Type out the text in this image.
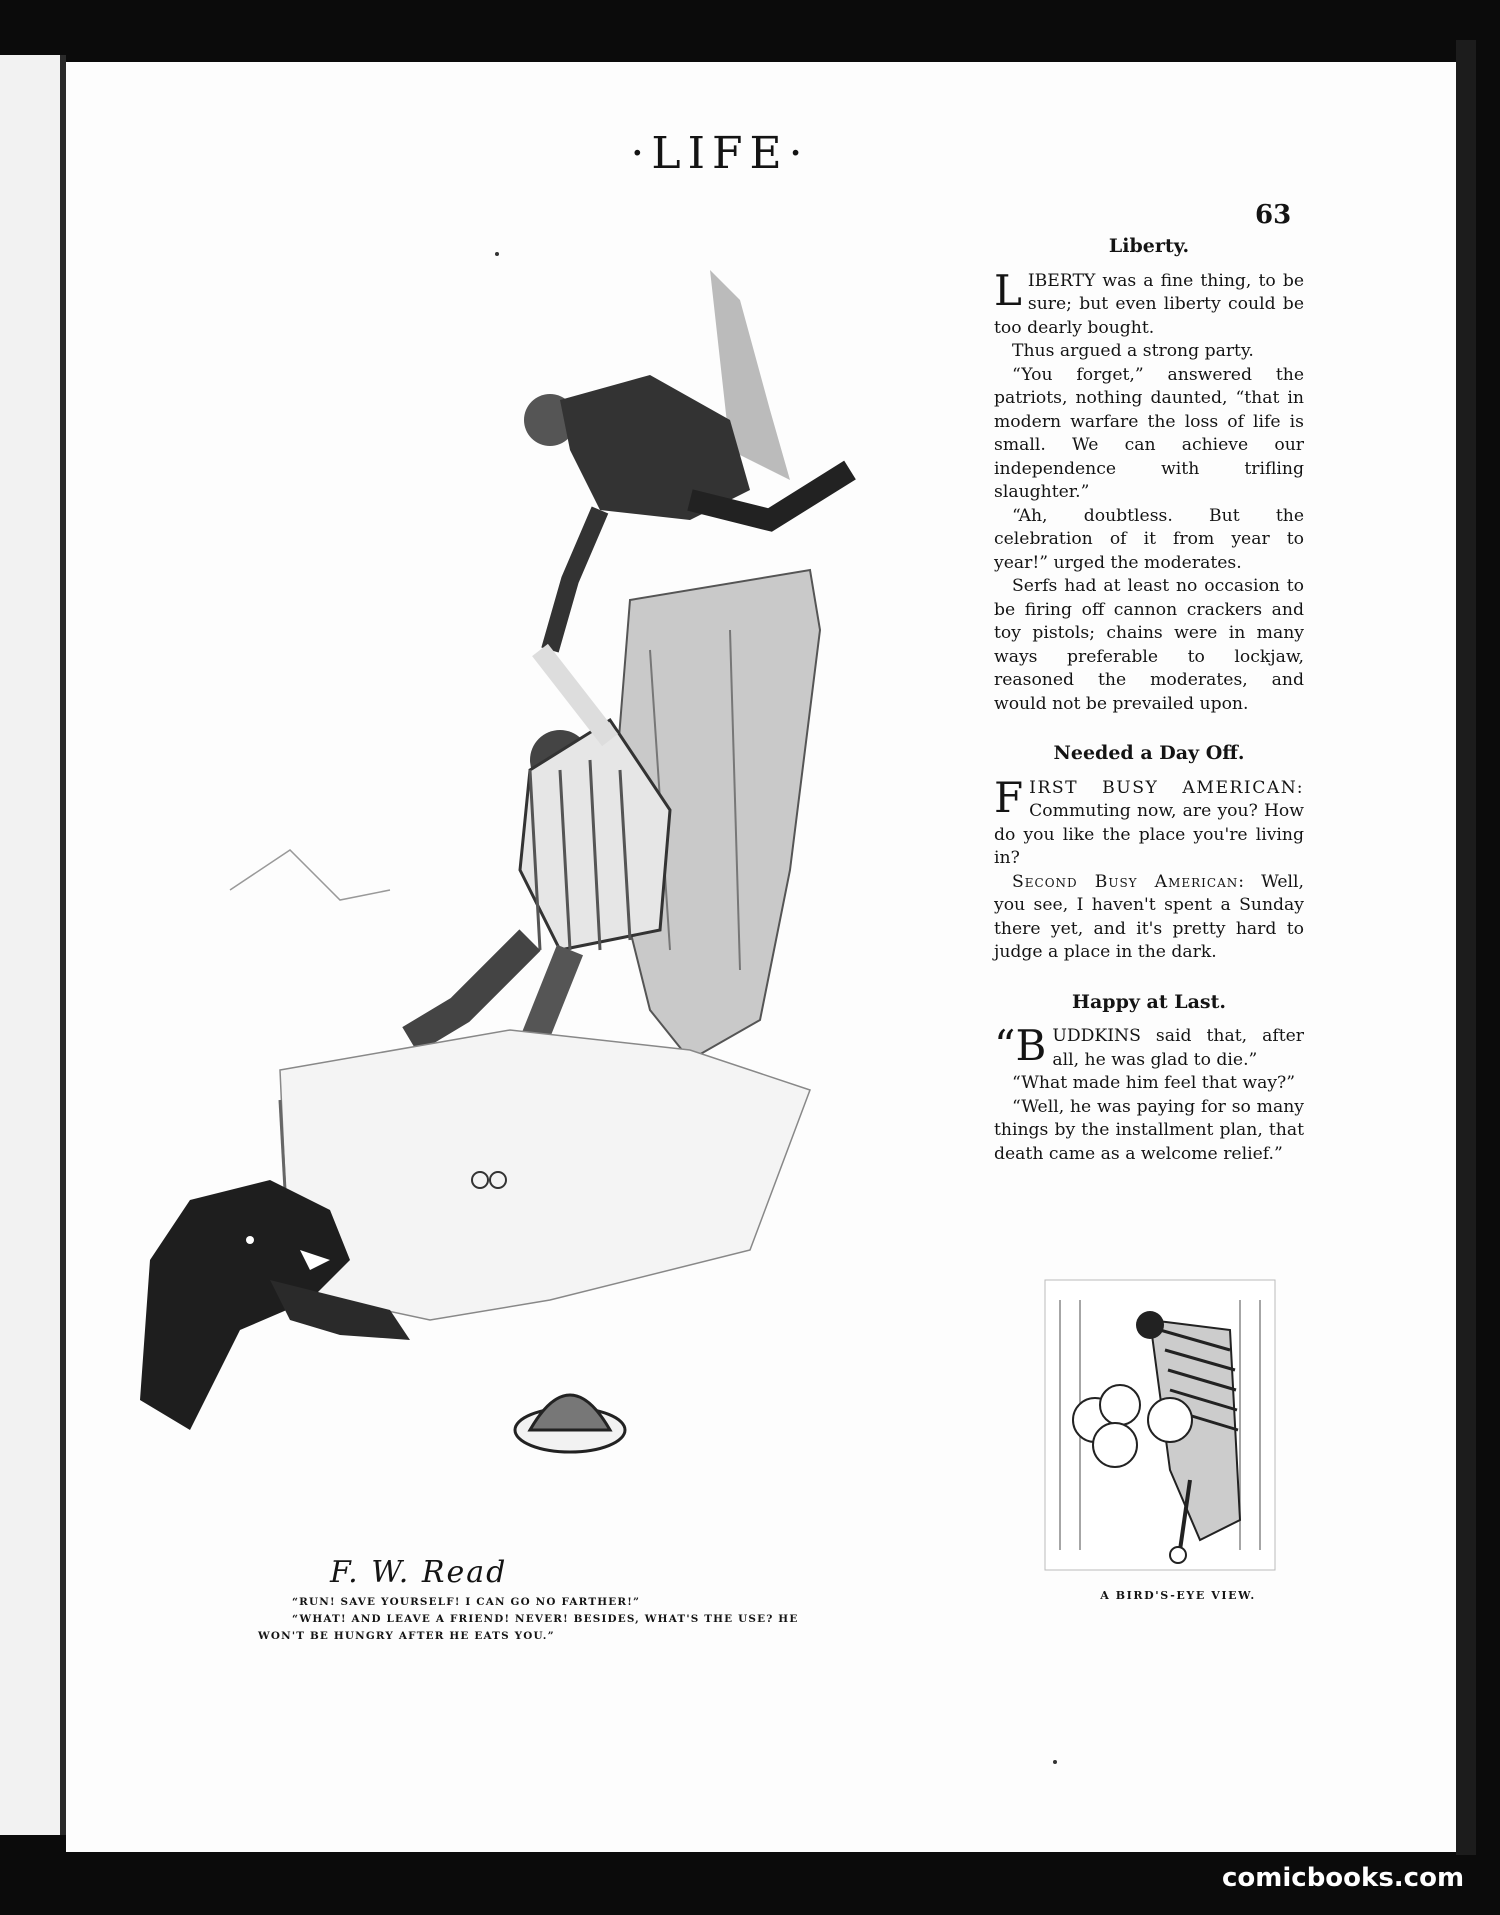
·LIFE·
63
F. W. Read
“RUN! SAVE YOURSELF! I CAN GO NO FARTHER!”
“WHAT! AND LEAVE A FRIEND! NEVER! BESIDES, WHAT'S THE USE? HE WON'T BE HUNGRY AFTER HE EATS YOU.”
Liberty.

LIBERTY was a fine thing, to be sure; but even liberty could be too dearly bought.

Thus argued a strong party.

“You forget,” answered the patriots, nothing daunted, “that in modern warfare the loss of life is small. We can achieve our independence with trifling slaughter.”

“Ah, doubtless. But the celebration of it from year to year!” urged the moderates.

Serfs had at least no occasion to be firing off cannon crackers and toy pistols; chains were in many ways preferable to lockjaw, reasoned the moderates, and would not be prevailed upon.

Needed a Day Off.

FIRST BUSY AMERICAN: Commuting now, are you? How do you like the place you're living in?

Second Busy American: Well, you see, I haven't spent a Sunday there yet, and it's pretty hard to judge a place in the dark.

Happy at Last.

“B UDDKINS said that, after all, he was glad to die.”

“What made him feel that way?”

“Well, he was paying for so many things by the installment plan, that death came as a welcome relief.”

A BIRD'S-EYE VIEW.
comicbooks.com
